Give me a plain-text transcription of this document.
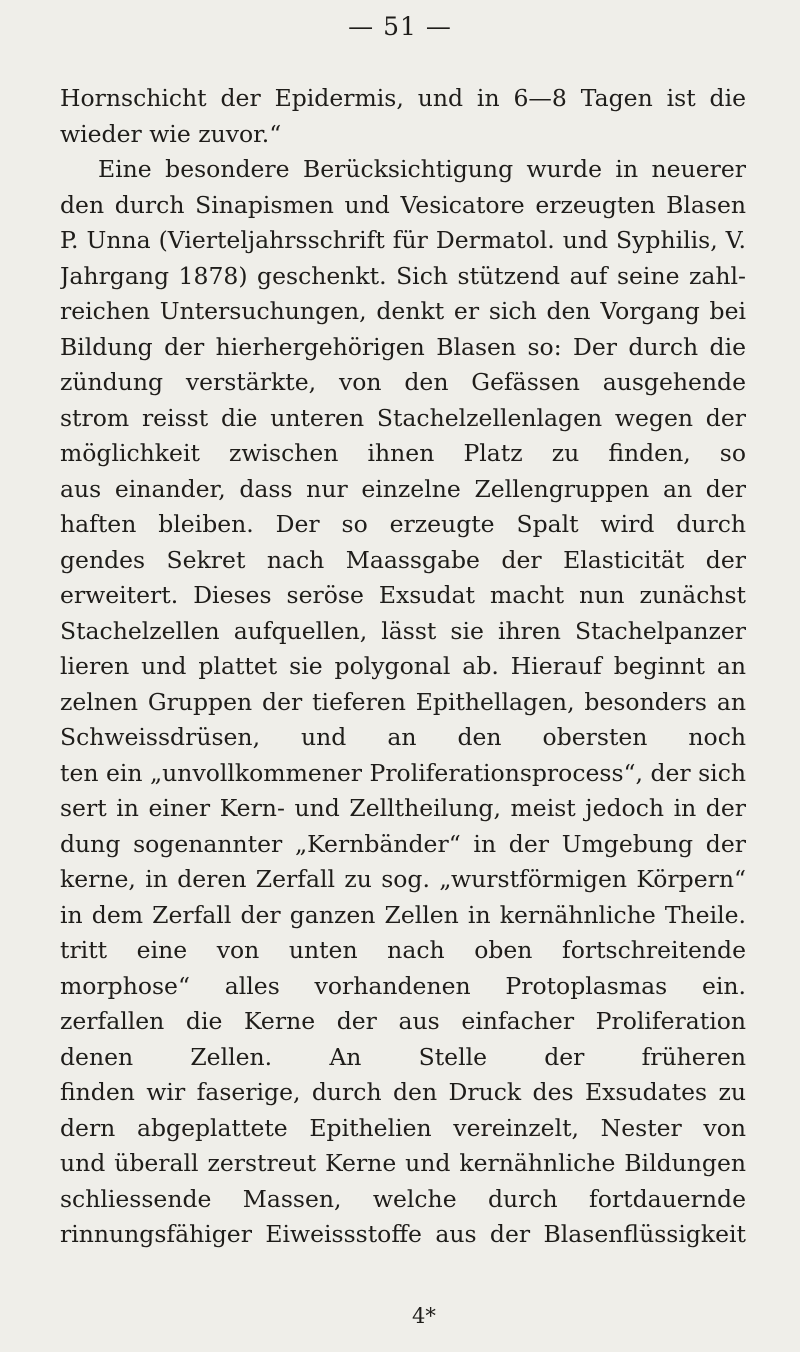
— 51 —
Hornschicht der Epidermis, und in 6—8 Tagen ist die
wieder wie zuvor.“
Eine besondere Berücksichtigung wurde in neuerer
den durch Sinapismen und Vesicatore erzeugten Blasen
P. Unna (Vierteljahrsschrift für Dermatol. und Syphilis, V.
Jahrgang 1878) geschenkt. Sich stützend auf seine zahl-
reichen Untersuchungen, denkt er sich den Vorgang bei
Bildung der hierhergehörigen Blasen so: Der durch die
zündung verstärkte, von den Gefässen ausgehende
strom reisst die unteren Stachelzellenlagen wegen der
möglichkeit zwischen ihnen Platz zu finden, so
aus einander, dass nur einzelne Zellengruppen an der
haften bleiben. Der so erzeugte Spalt wird durch
gendes Sekret nach Maassgabe der Elasticität der
erweitert. Dieses seröse Exsudat macht nun zunächst
Stachelzellen aufquellen, lässt sie ihren Stachelpanzer
lieren und plattet sie polygonal ab. Hierauf beginnt an
zelnen Gruppen der tieferen Epithellagen, besonders an
Schweissdrüsen, und an den obersten noch
ten ein „unvollkommener Proliferationsprocess“, der sich
sert in einer Kern- und Zelltheilung, meist jedoch in der
dung sogenannter „Kernbänder“ in der Umgebung der
kerne, in deren Zerfall zu sog. „wurstförmigen Körpern“
in dem Zerfall der ganzen Zellen in kernähnliche Theile.
tritt eine von unten nach oben fortschreitende
morphose“ alles vorhandenen Protoplasmas ein.
zerfallen die Kerne der aus einfacher Proliferation
denen Zellen. An Stelle der früheren
finden wir faserige, durch den Druck des Exsudates zu
dern abgeplattete Epithelien vereinzelt, Nester von
und überall zerstreut Kerne und kernähnliche Bildungen
schliessende Massen, welche durch fortdauernde
rinnungsfähiger Eiweissstoffe aus der Blasenflüssigkeit
4*
